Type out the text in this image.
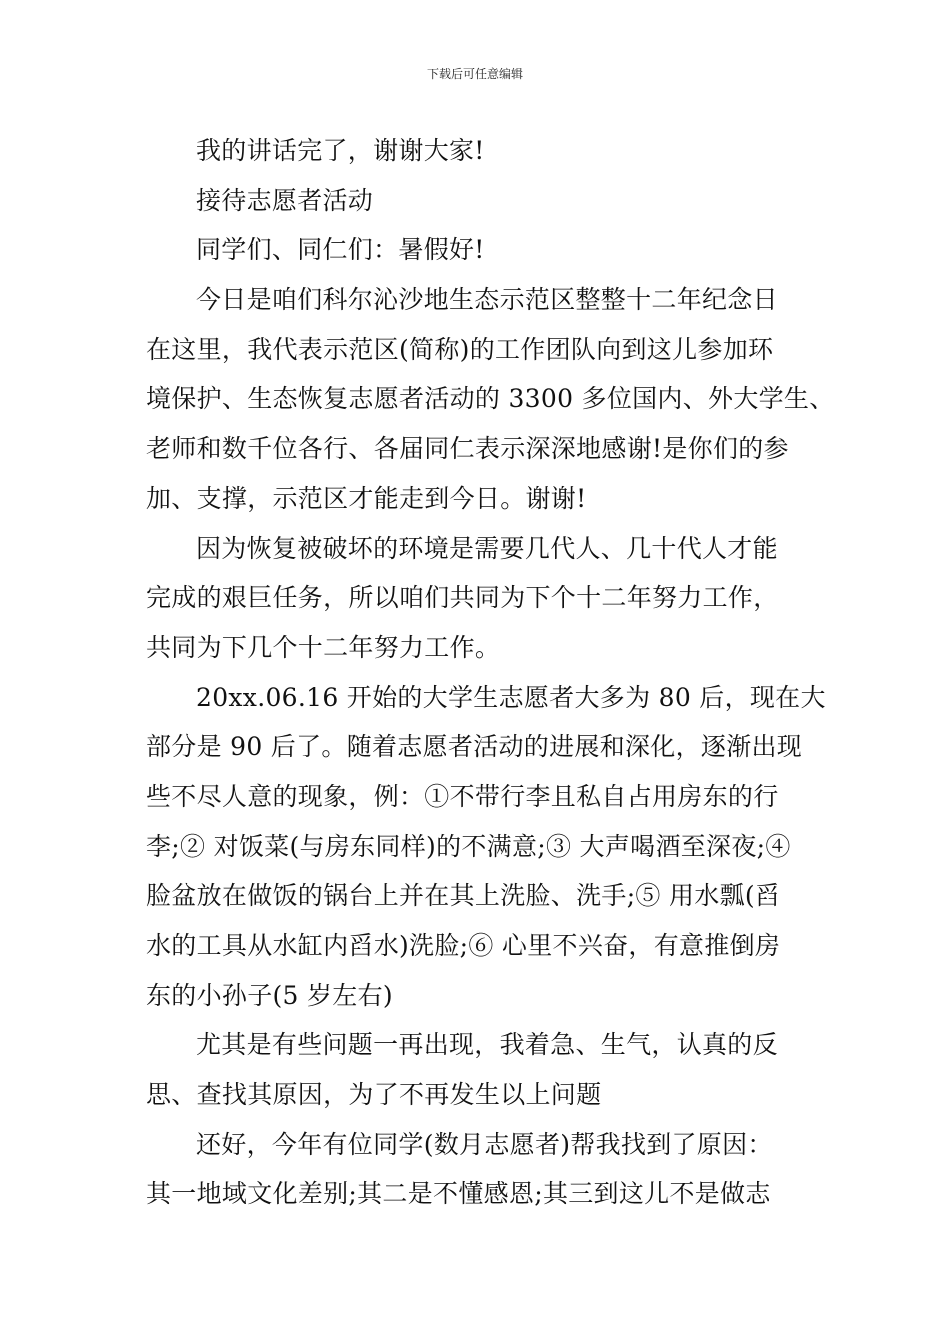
下载后可任意编辑
我的讲话完了，谢谢大家!
接待志愿者活动
同学们、同仁们：暑假好!
今日是咱们科尔沁沙地生态示范区整整十二年纪念日
在这里，我代表示范区(简称)的工作团队向到这儿参加环
境保护、生态恢复志愿者活动的 3300 多位国内、外大学生、
老师和数千位各行、各届同仁表示深深地感谢!是你们的参
加、支撑，示范区才能走到今日。谢谢!
因为恢复被破坏的环境是需要几代人、几十代人才能
完成的艰巨任务，所以咱们共同为下个十二年努力工作，
共同为下几个十二年努力工作。
20xx.06.16 开始的大学生志愿者大多为 80 后，现在大
部分是 90 后了。随着志愿者活动的进展和深化，逐渐出现
些不尽人意的现象，例：①不带行李且私自占用房东的行
李;② 对饭菜(与房东同样)的不满意;③ 大声喝酒至深夜;④
脸盆放在做饭的锅台上并在其上洗脸、洗手;⑤ 用水瓢(舀
水的工具从水缸内舀水)洗脸;⑥ 心里不兴奋，有意推倒房
东的小孙子(5 岁左右)
尤其是有些问题一再出现，我着急、生气，认真的反
思、查找其原因，为了不再发生以上问题
还好，今年有位同学(数月志愿者)帮我找到了原因：
其一地域文化差别;其二是不懂感恩;其三到这儿不是做志
